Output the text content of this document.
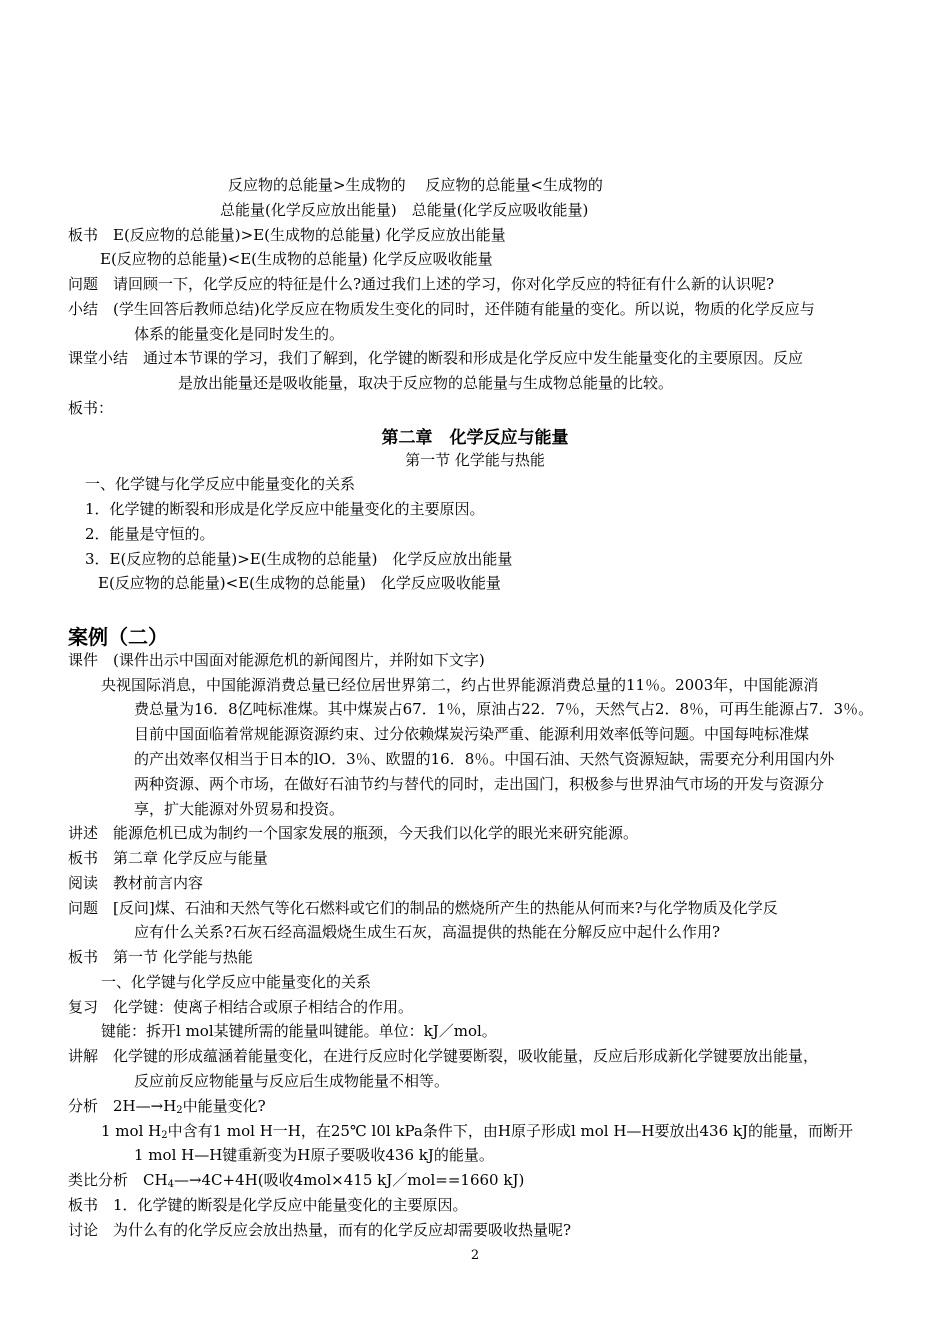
反应物的总能量>生成物的　 反应物的总能量<生成物的
总能量(化学反应放出能量)　总能量(化学反应吸收能量)
板书　E(反应物的总能量)>E(生成物的总能量) 化学反应放出能量
E(反应物的总能量)<E(生成物的总能量) 化学反应吸收能量
问题　请回顾一下，化学反应的特征是什么?通过我们上述的学习，你对化学反应的特征有什么新的认识呢?
小结　(学生回答后教师总结)化学反应在物质发生变化的同时，还伴随有能量的变化。所以说，物质的化学反应与
体系的能量变化是同时发生的。
课堂小结　通过本节课的学习，我们了解到，化学键的断裂和形成是化学反应中发生能量变化的主要原因。反应
是放出能量还是吸收能量，取决于反应物的总能量与生成物总能量的比较。
板书：
第二章　化学反应与能量
第一节 化学能与热能
一、化学键与化学反应中能量变化的关系
1．化学键的断裂和形成是化学反应中能量变化的主要原因。
2．能量是守恒的。
3．E(反应物的总能量)>E(生成物的总能量)　化学反应放出能量
E(反应物的总能量)<E(生成物的总能量)　化学反应吸收能量
案例（二）
课件　(课件出示中国面对能源危机的新闻图片，并附如下文字)
央视国际消息，中国能源消费总量已经位居世界第二，约占世界能源消费总量的11％。2003年，中国能源消
费总量为16．8亿吨标准煤。其中煤炭占67．1％，原油占22．7％，天然气占2．8％，可再生能源占7．3％。
目前中国面临着常规能源资源约束、过分依赖煤炭污染严重、能源利用效率低等问题。中国每吨标准煤
的产出效率仅相当于日本的lO．3％、欧盟的16．8％。中国石油、天然气资源短缺，需要充分利用国内外
两种资源、两个市场，在做好石油节约与替代的同时，走出国门，积极参与世界油气市场的开发与资源分
享，扩大能源对外贸易和投资。
讲述　能源危机已成为制约一个国家发展的瓶颈，今天我们以化学的眼光来研究能源。
板书　第二章 化学反应与能量
阅读　教材前言内容
问题　[反问]煤、石油和天然气等化石燃料或它们的制品的燃烧所产生的热能从何而来?与化学物质及化学反
应有什么关系?石灰石经高温煅烧生成生石灰，高温提供的热能在分解反应中起什么作用?
板书　第一节 化学能与热能
一、化学键与化学反应中能量变化的关系
复习　化学键：使离子相结合或原子相结合的作用。
键能：拆开l mol某键所需的能量叫键能。单位：kJ／mol。
讲解　化学键的形成蕴涵着能量变化，在进行反应时化学键要断裂，吸收能量，反应后形成新化学键要放出能量，
反应前反应物能量与反应后生成物能量不相等。
分析　$2H—\to H_2$中能量变化?
1 mol $H_2$中含有1 mol H一H，在25℃ l0l kPa条件下，由H原子形成l mol H—H要放出436 kJ的能量，而断开
1 mol H—H键重新变为H原子要吸收436 kJ的能量。
类比分析　$CH_4—\to 4C+4H$(吸收4mol×415 kJ／mol==1660 kJ)
板书　1．化学键的断裂是化学反应中能量变化的主要原因。
讨论　为什么有的化学反应会放出热量，而有的化学反应却需要吸收热量呢?
2
